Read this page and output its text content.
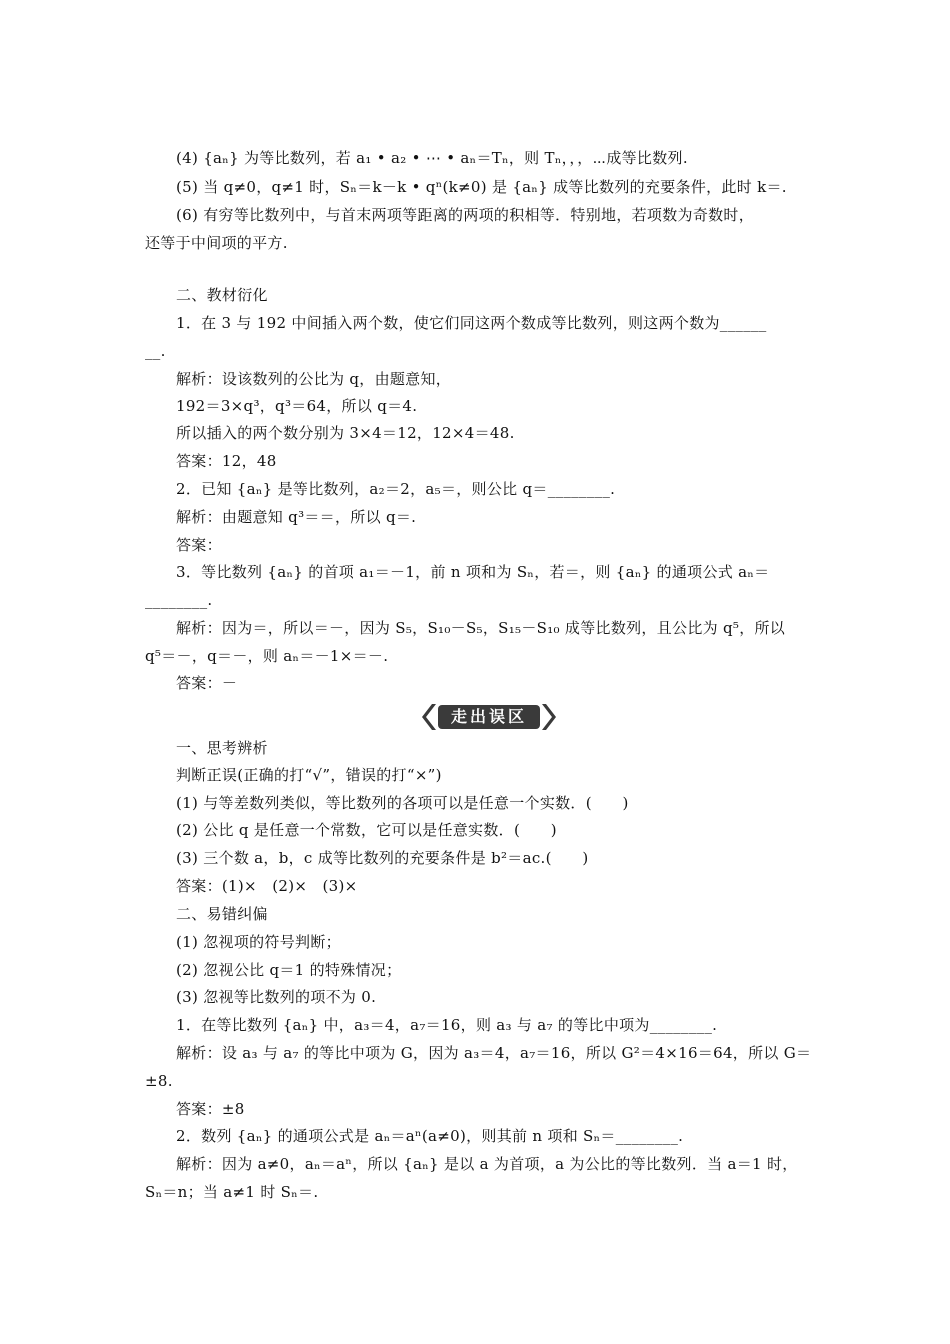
(4) {aₙ} 为等比数列，若 a₁ • a₂ • ⋯ • aₙ＝Tₙ，则 Tₙ，，，⋯成等比数列.
(5) 当 q≠0，q≠1 时，Sₙ＝k－k • qⁿ(k≠0) 是 {aₙ} 成等比数列的充要条件，此时 k＝.
(6) 有穷等比数列中，与首末两项等距离的两项的积相等．特别地，若项数为奇数时，
还等于中间项的平方.
二、教材衍化
1．在 3 与 192 中间插入两个数，使它们同这两个数成等比数列，则这两个数为______
__.
解析：设该数列的公比为 q，由题意知，
192＝3×q³，q³＝64，所以 q＝4.
所以插入的两个数分别为 3×4＝12，12×4＝48.
答案：12，48
2．已知 {aₙ} 是等比数列，a₂＝2，a₅＝，则公比 q＝________.
解析：由题意知 q³＝＝，所以 q＝.
答案：
3．等比数列 {aₙ} 的首项 a₁＝－1，前 n 项和为 Sₙ，若＝，则 {aₙ} 的通项公式 aₙ＝
________.
解析：因为＝，所以＝－，因为 S₅，S₁₀－S₅，S₁₅－S₁₀ 成等比数列，且公比为 q⁵，所以
q⁵＝－，q＝－，则 aₙ＝－1×＝－.
答案：－
走出误区
一、思考辨析
判断正误(正确的打“√”，错误的打“×”)
(1) 与等差数列类似，等比数列的各项可以是任意一个实数．(　　)
(2) 公比 q 是任意一个常数，它可以是任意实数．(　　)
(3) 三个数 a，b，c 成等比数列的充要条件是 b²＝ac.(　　)
答案：(1)×　(2)×　(3)×
二、易错纠偏
(1) 忽视项的符号判断；
(2) 忽视公比 q＝1 的特殊情况；
(3) 忽视等比数列的项不为 0.
1．在等比数列 {aₙ} 中，a₃＝4，a₇＝16，则 a₃ 与 a₇ 的等比中项为________.
解析：设 a₃ 与 a₇ 的等比中项为 G，因为 a₃＝4，a₇＝16，所以 G²＝4×16＝64，所以 G＝
±8.
答案：±8
2．数列 {aₙ} 的通项公式是 aₙ＝aⁿ(a≠0)，则其前 n 项和 Sₙ＝________.
解析：因为 a≠0，aₙ＝aⁿ，所以 {aₙ} 是以 a 为首项，a 为公比的等比数列．当 a＝1 时，
Sₙ＝n；当 a≠1 时 Sₙ＝.
